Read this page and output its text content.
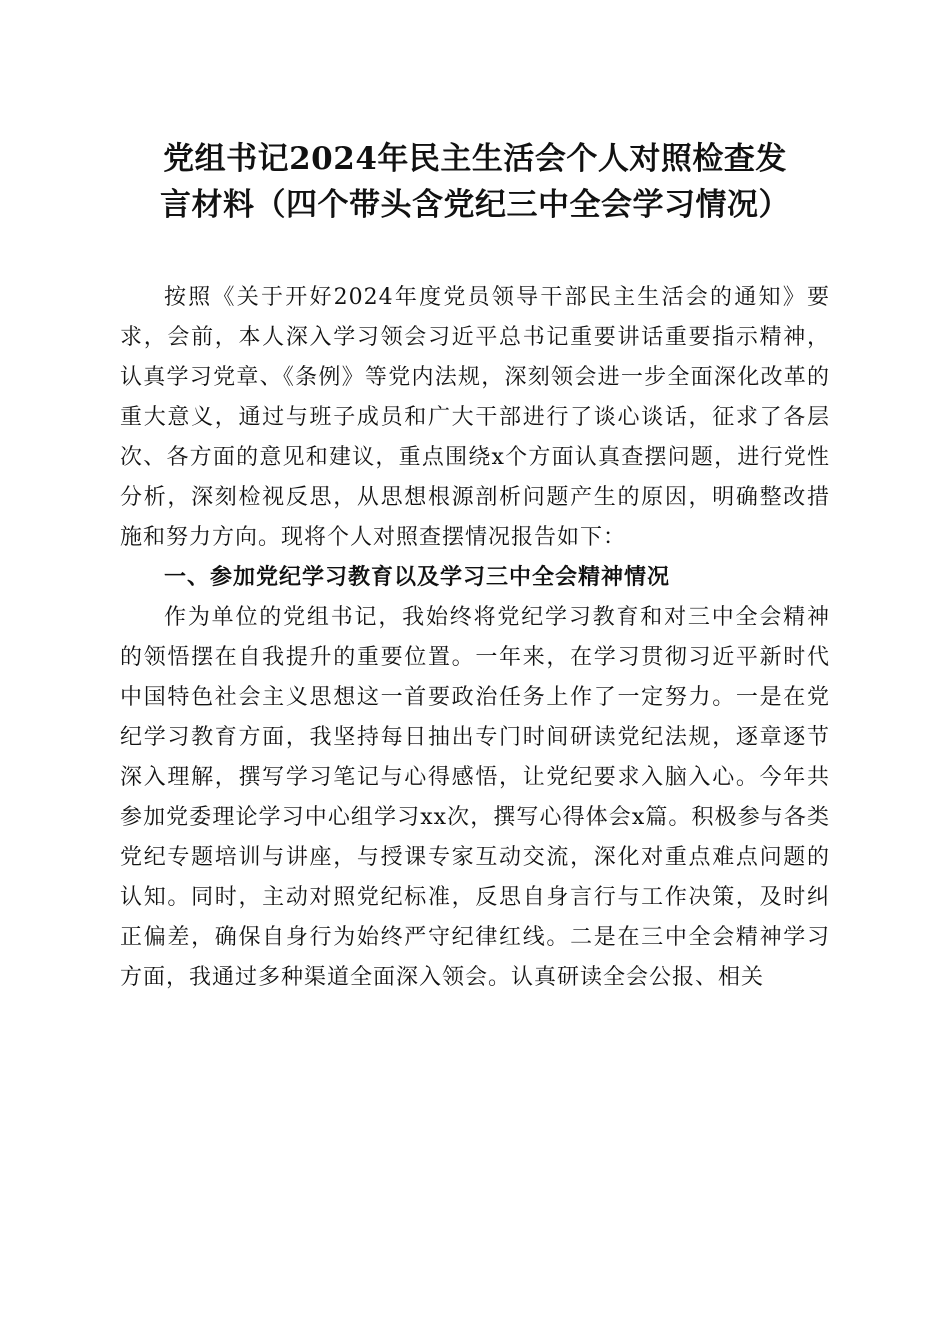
党组书记2024年民主生活会个人对照检查发
言材料（四个带头含党纪三中全会学习情况）

按照《关于开好2024年度党员领导干部民主生活会的通知》要求，会前，本人深入学习领会习近平总书记重要讲话重要指示精神，认真学习党章、《条例》等党内法规，深刻领会进一步全面深化改革的重大意义，通过与班子成员和广大干部进行了谈心谈话，征求了各层次、各方面的意见和建议，重点围绕x个方面认真查摆问题，进行党性分析，深刻检视反思，从思想根源剖析问题产生的原因，明确整改措施和努力方向。现将个人对照查摆情况报告如下：

一、参加党纪学习教育以及学习三中全会精神情况

作为单位的党组书记，我始终将党纪学习教育和对三中全会精神的领悟摆在自我提升的重要位置。一年来，在学习贯彻习近平新时代中国特色社会主义思想这一首要政治任务上作了一定努力。一是在党纪学习教育方面，我坚持每日抽出专门时间研读党纪法规，逐章逐节深入理解，撰写学习笔记与心得感悟，让党纪要求入脑入心。今年共参加党委理论学习中心组学习xx次，撰写心得体会x篇。积极参与各类党纪专题培训与讲座，与授课专家互动交流，深化对重点难点问题的认知。同时，主动对照党纪标准，反思自身言行与工作决策，及时纠正偏差，确保自身行为始终严守纪律红线。二是在三中全会精神学习方面，我通过多种渠道全面深入领会。认真研读全会公报、相关
